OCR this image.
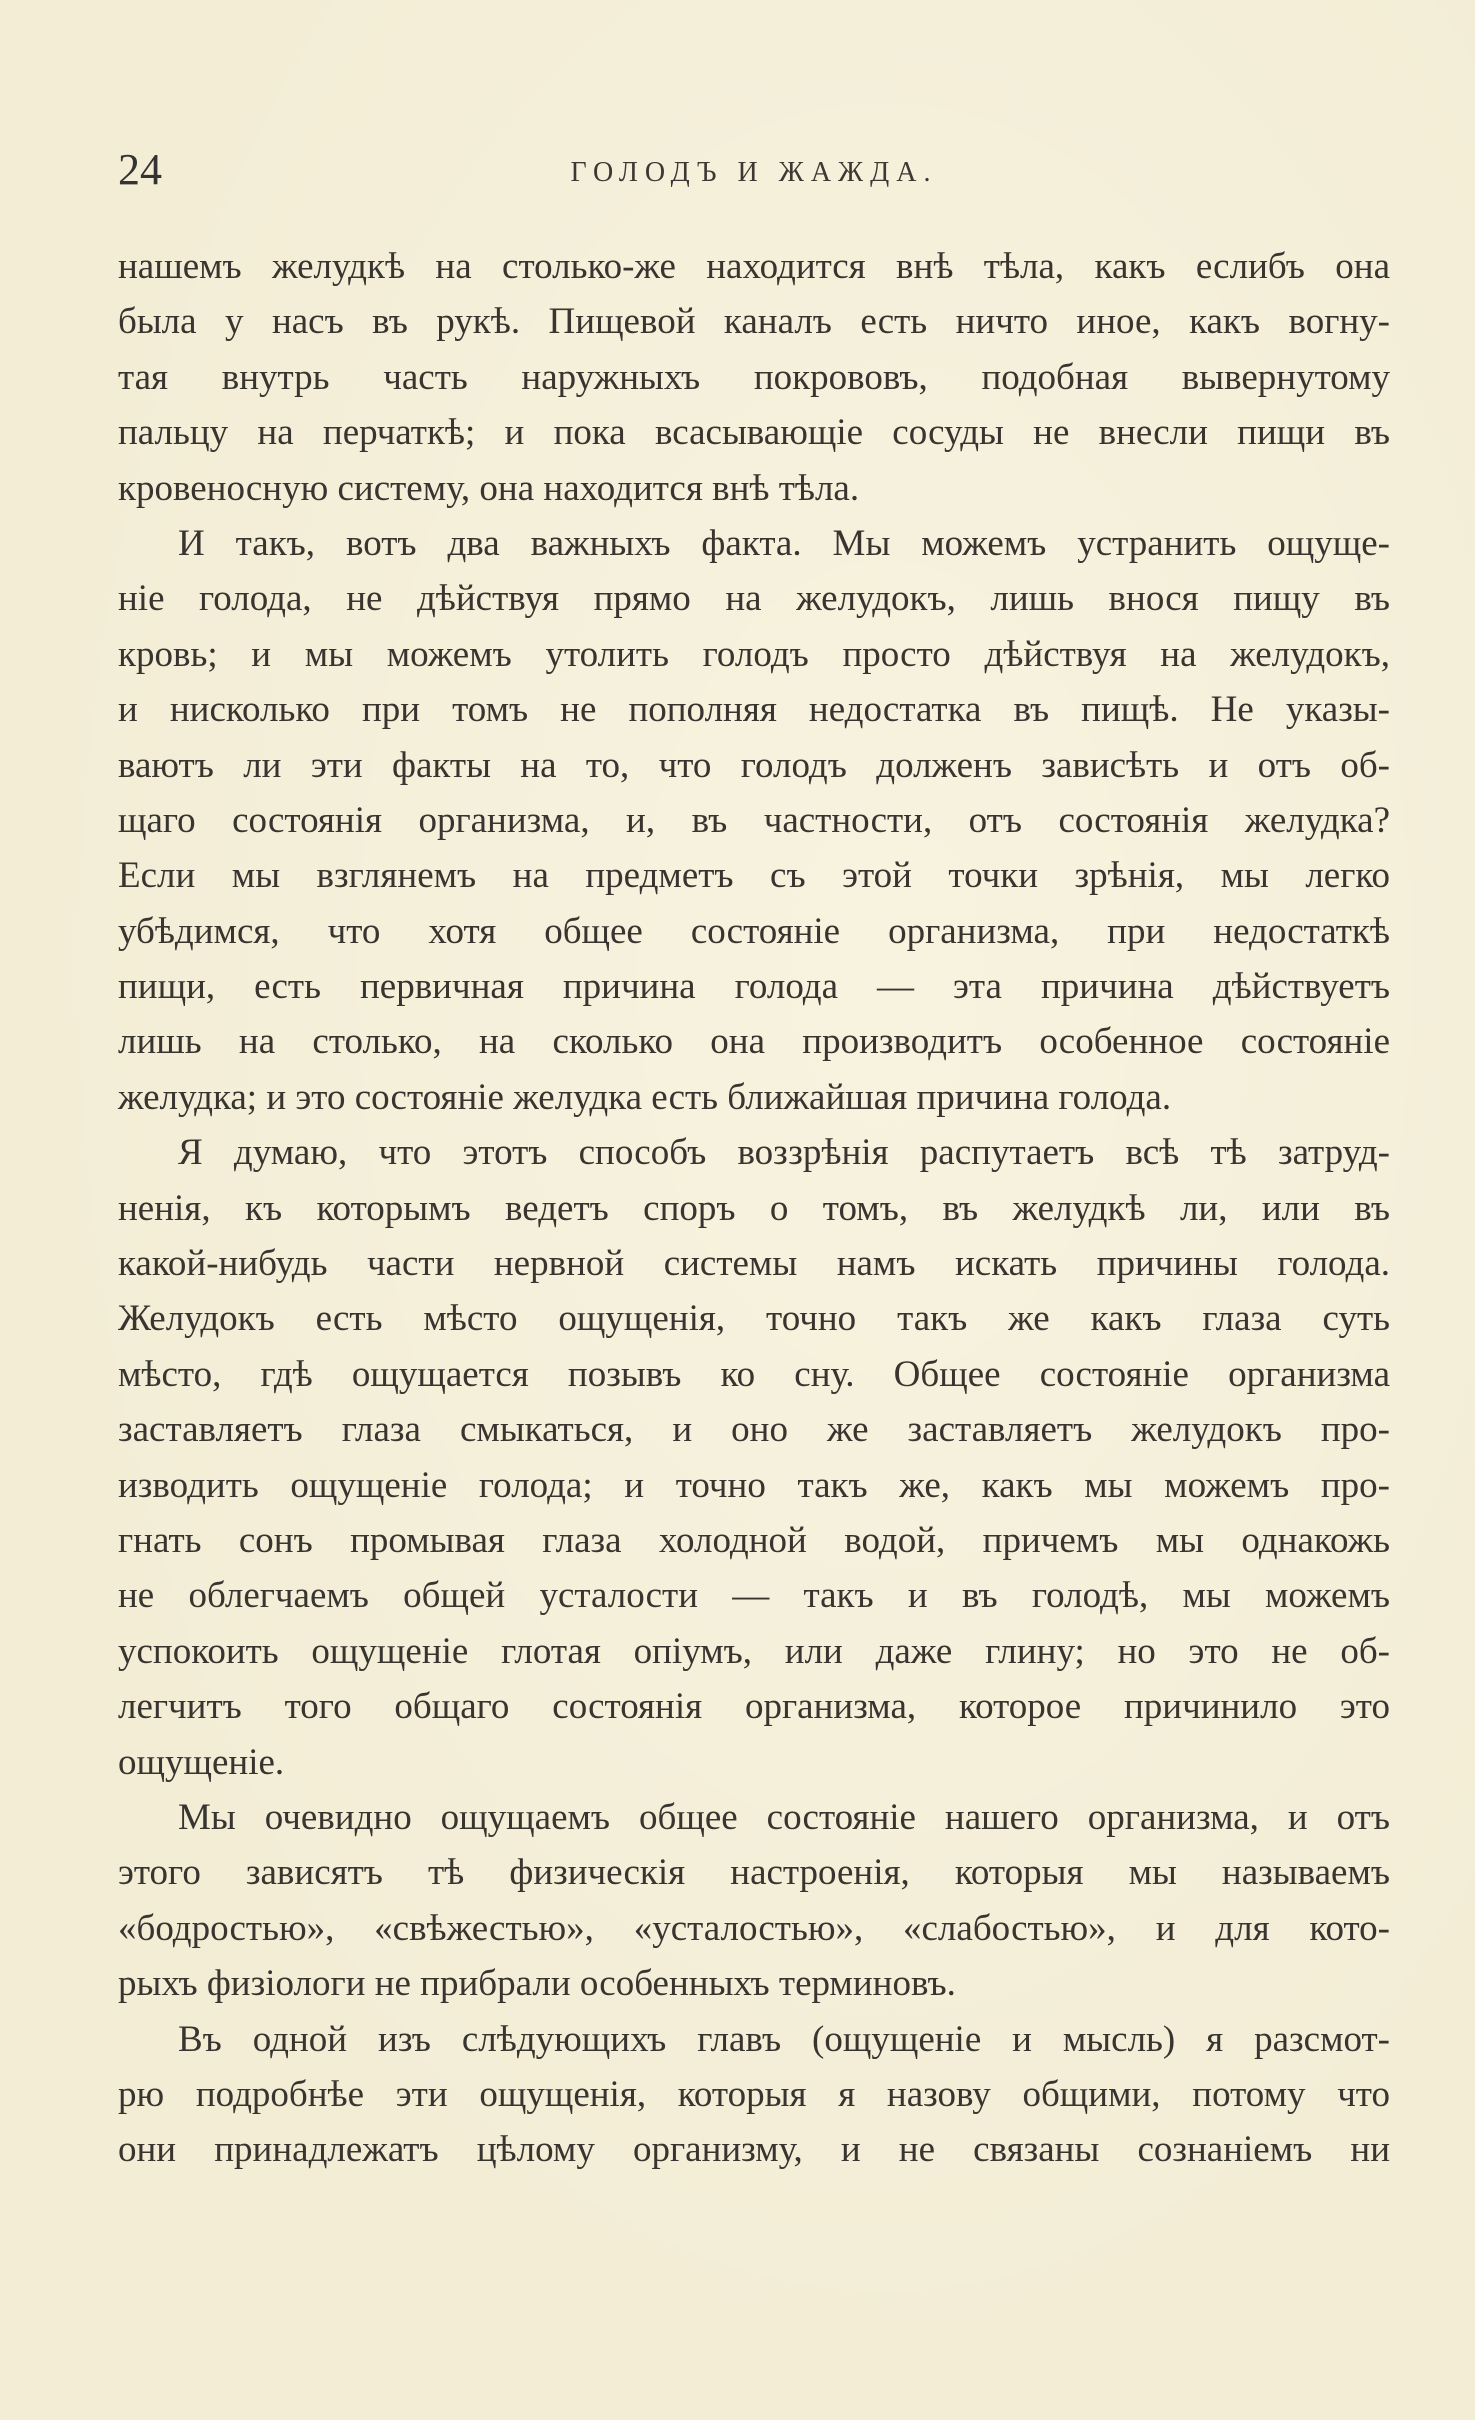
24	ГОЛОДЪ И ЖАЖДА.
нашемъ желудкѣ на столько-же находится внѣ тѣла, какъ еслибъ она
была у насъ въ рукѣ. Пищевой каналъ есть ничто иное, какъ вогну-
тая внутрь часть наружныхъ покрововъ, подобная вывернутому
пальцу на перчаткѣ; и пока всасывающіе сосуды не внесли пищи въ
кровеносную систему, она находится внѣ тѣла.
И такъ, вотъ два важныхъ факта. Мы можемъ устранить ощуще-
ніе голода, не дѣйствуя прямо на желудокъ, лишь внося пищу въ
кровь; и мы можемъ утолить голодъ просто дѣйствуя на желудокъ,
и нисколько при томъ не пополняя недостатка въ пищѣ. Не указы-
ваютъ ли эти факты на то, что голодъ долженъ зависѣть и отъ об-
щаго состоянія организма, и, въ частности, отъ состоянія желудка?
Если мы взглянемъ на предметъ съ этой точки зрѣнія, мы легко
убѣдимся, что хотя общее состояніе организма, при недостаткѣ
пищи, есть первичная причина голода — эта причина дѣйствуетъ
лишь на столько, на сколько она производитъ особенное состояніе
желудка; и это состояніе желудка есть ближайшая причина голода.
Я думаю, что этотъ способъ воззрѣнія распутаетъ всѣ тѣ затруд-
ненія, къ которымъ ведетъ споръ о томъ, въ желудкѣ ли, или въ
какой-нибудь части нервной системы намъ искать причины голода.
Желудокъ есть мѣсто ощущенія, точно такъ же какъ глаза суть
мѣсто, гдѣ ощущается позывъ ко сну. Общее состояніе организма
заставляетъ глаза смыкаться, и оно же заставляетъ желудокъ про-
изводить ощущеніе голода; и точно такъ же, какъ мы можемъ про-
гнать сонъ промывая глаза холодной водой, причемъ мы однакожь
не облегчаемъ общей усталости — такъ и въ голодѣ, мы можемъ
успокоить ощущеніе глотая опіумъ, или даже глину; но это не об-
легчитъ того общаго состоянія организма, которое причинило это
ощущеніе.
Мы очевидно ощущаемъ общее состояніе нашего организма, и отъ
этого зависятъ тѣ физическія настроенія, которыя мы называемъ
«бодростью», «свѣжестью», «усталостью», «слабостью», и для кото-
рыхъ физіологи не прибрали особенныхъ терминовъ.
Въ одной изъ слѣдующихъ главъ (ощущеніе и мысль) я разсмот-
рю подробнѣе эти ощущенія, которыя я назову общими, потому что
они принадлежатъ цѣлому организму, и не связаны сознаніемъ ни
